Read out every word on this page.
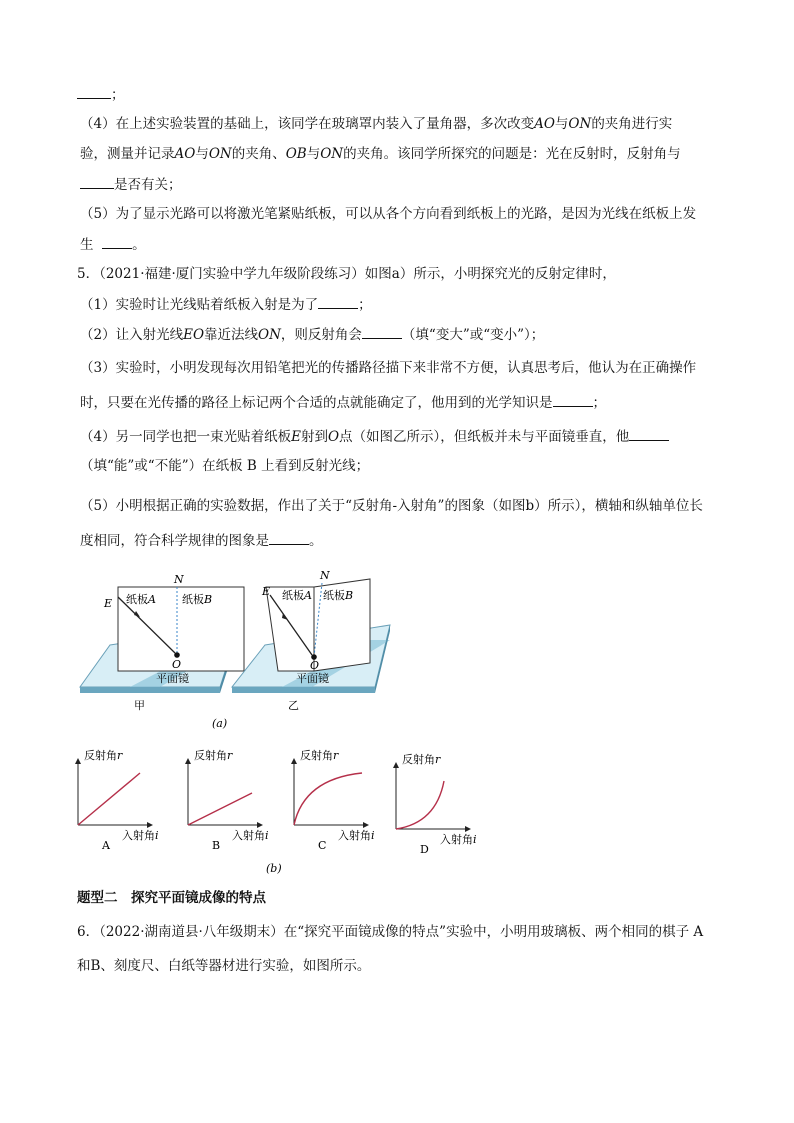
；
（4）在上述实验装置的基础上，该同学在玻璃罩内装入了量角器，多次改变AO与ON的夹角进行实
验，测量并记录AO与ON的夹角、OB与ON的夹角。该同学所探究的问题是：光在反射时，反射角与
是否有关；
（5）为了显示光路可以将激光笔紧贴纸板，可以从各个方向看到纸板上的光路，是因为光线在纸板上发
生	。
5．（2021·福建·厦门实验中学九年级阶段练习）如图a）所示，小明探究光的反射定律时，
（1）实验时让光线贴着纸板入射是为了	；
（2）让入射光线EO靠近法线ON，则反射角会	（填“变大”或“变小”）；
（3）实验时，小明发现每次用铅笔把光的传播路径描下来非常不方便，认真思考后，他认为在正确操作
时，只要在光传播的路径上标记两个合适的点就能确定了，他用到的光学知识是	；
（4）另一同学也把一束光贴着纸板E射到O点（如图乙所示），但纸板并未与平面镜垂直，他
（填“能”或“不能”）在纸板 B 上看到反射光线；
（5）小明根据正确的实验数据，作出了关于“反射角-入射角”的图象（如图b）所示），横轴和纵轴单位长
度相同，符合科学规律的图象是	。
N
E
O
纸板A 纸板B
平面镜
甲
N
E
O
纸板A 纸板B
平面镜
乙
(a)
反射角r
入射角i
A
反射角r
入射角i
B
反射角r
入射角i
C
反射角r
入射角i
D
(b)
题型二　探究平面镜成像的特点
6．（2022·湖南道县·八年级期末）在“探究平面镜成像的特点”实验中，小明用玻璃板、两个相同的棋子 A
和B、刻度尺、白纸等器材进行实验，如图所示。
